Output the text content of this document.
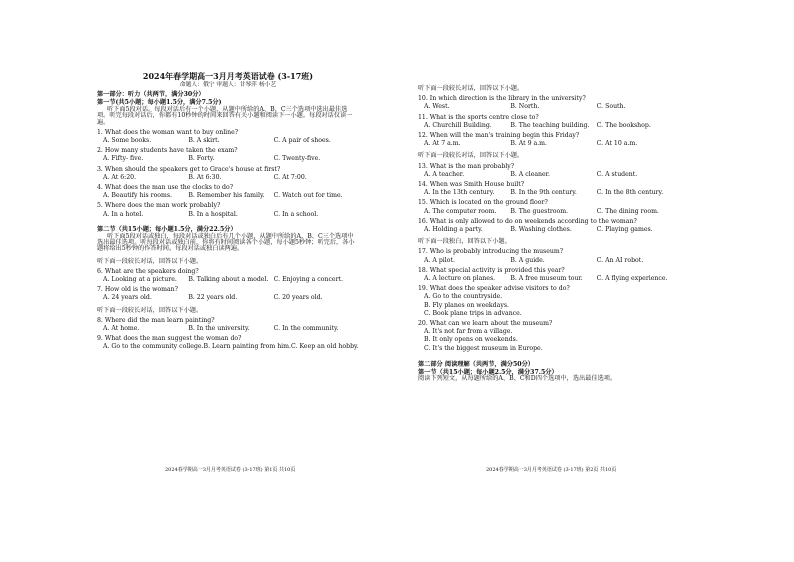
2024年春学期高一3月月考英语试卷 (3-17班)
命题人：俄宁 审题人：甘琴萍 杨小艺
第一部分：听力（共两节，满分30分）
第一节(共5小题；每小题1.5分，满分7.5分)
听下面5段对话。每段对话后有一个小题，从题中所给的A、B、C三个选项中选出最佳选项。听完每段对话后，你都有10秒钟的时间来回答有关小题和阅读下一小题。每段对话仅读一遍。
1. What does the woman want to buy online?
A. Some books.	B. A skirt.	C. A pair of shoes.
2. How many students have taken the exam?
A. Fifty- five.	B. Forty.	C. Twenty-five.
3. When should the speakers get to Grace's house at first?
A. At 6:20.	B. At 6:30.	C. At 7:00.
4. What does the man use the clocks to do?
A. Beautify his rooms.	B. Remember his family.	C. Watch out for time.
5. Where does the man work probably?
A. In a hotel.	B. In a hospital.	C. In a school.
第二节（共15小题；每小题1.5分，满分22.5分）
听下面5段对话或独白，每段对话或独白后有几个小题，从题中所给的A、B、C三个选项中选出最佳选项。听每段对话或独白前，你将有时间阅读各个小题，每小题5秒钟；听完后，各小题将给出5秒钟的作答时间。每段对话或独白读两遍。
听下面一段较长对话，回答以下小题。
6. What are the speakers doing?
A. Looking at a picture.	B. Talking about a model. C. Enjoying a concert.
7. How old is the woman?
A. 24 years old.	B. 22 years old.	C. 20 years old.
听下面一段较长对话，回答以下小题。
8. Where did the man learn painting?
A. At home.	B. In the university.	C. In the community.
9. What does the man suggest the woman do?
A. Go to the community college. B. Learn painting from him. C. Keep an old hobby.
2024春学期高一3月月考英语试卷 (3-17班) 第1页 共10页
听下面一段较长对话，回答以下小题。
10. In which direction is the library in the university?
A. West.	B. North.	C. South.
11. What is the sports centre close to?
A. Churchill Building.	B. The teaching building.	C. The bookshop.
12. When will the man's training begin this Friday?
A. At 7 a.m.	B. At 9 a.m.	C. At 10 a.m.
听下面一段较长对话，回答以下小题。
13. What is the man probably?
A. A teacher.	B. A cleaner.	C. A student.
14. When was Smith House built?
A. In the 13th century.	B. In the 9th century.	C. In the 8th century.
15. Which is located on the ground floor?
A. The computer room.	B. The guestroom.	C. The dining room.
16. What is only allowed to do on weekends according to the woman?
A. Holding a party.	B. Washing clothes.	C. Playing games.
听下面一段独白，回答以下小题。
17. Who is probably introducing the museum?
A. A pilot.	B. A guide.	C. An AI robot.
18. What special activity is provided this year?
A. A lecture on planes.	B. A free museum tour.	C. A flying experience.
19. What does the speaker advise visitors to do?
A. Go to the countryside.
B. Fly planes on weekdays.
C. Book plane trips in advance.
20. What can we learn about the museum?
A. It's not far from a village.
B. It only opens on weekends.
C. It's the biggest museum in Europe.
第二部分 阅读理解（共两节，满分50分）
第一节（共15小题；每小题2.5分，满分37.5分）
阅读下列短文，从每题所给的A、B、C和D四个选项中，选出最佳选项。
2024春学期高一3月月考英语试卷 (3-17班) 第2页 共10页
